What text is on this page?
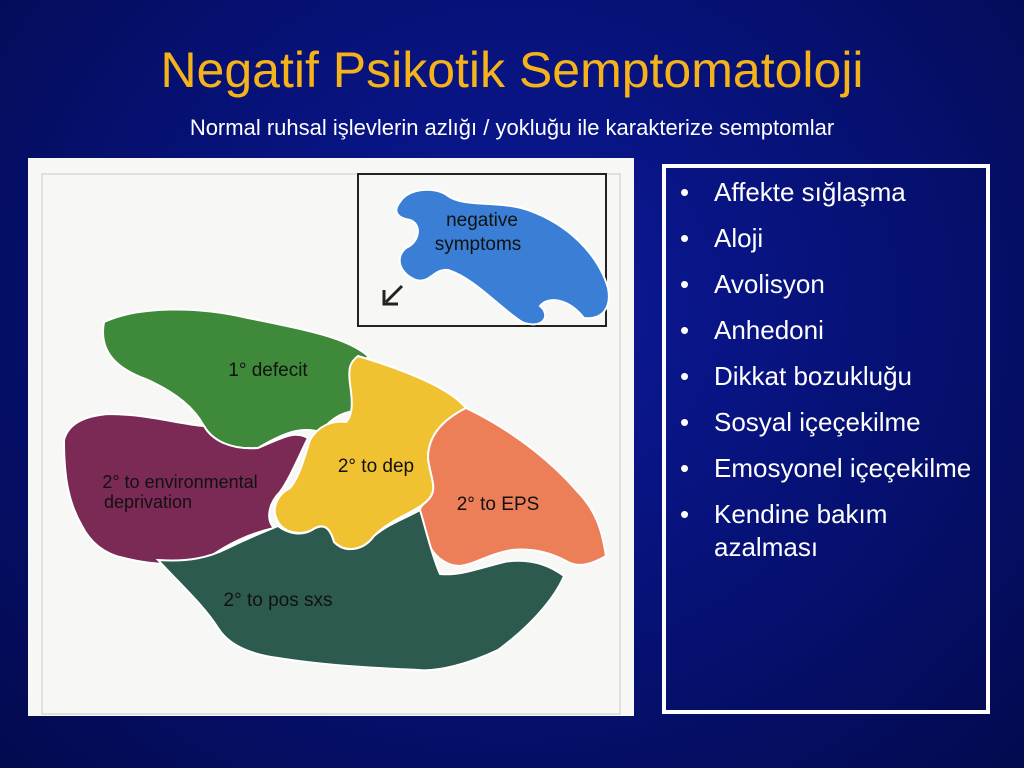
Negatif Psikotik Semptomatoloji
Normal ruhsal işlevlerin azlığı / yokluğu ile karakterize semptomlar
negative
symptoms
1° defecit
2° to environmental
deprivation
2° to dep
2° to EPS
2° to pos sxs
• Affekte sığlaşma
• Aloji
• Avolisyon
• Anhedoni
• Dikkat bozukluğu
• Sosyal içeçekilme
• Emosyonel içeçekilme
• Kendine bakım azalması
